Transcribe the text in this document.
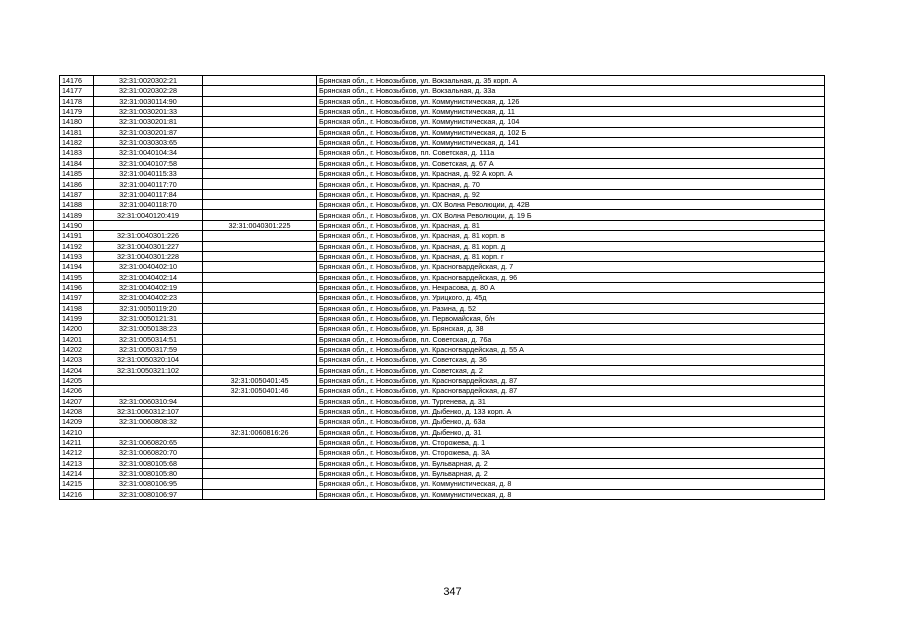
14176	32:31:0020302:21		Брянская обл., г. Новозыбков, ул. Вокзальная, д. 35 корп. А
14177	32:31:0020302:28		Брянская обл., г. Новозыбков, ул. Вокзальная, д. 33а
14178	32:31:0030114:90		Брянская обл., г. Новозыбков, ул. Коммунистическая, д. 126
14179	32:31:0030201:33		Брянская обл., г. Новозыбков, ул. Коммунистическая, д. 11
14180	32:31:0030201:81		Брянская обл., г. Новозыбков, ул. Коммунистическая, д. 104
14181	32:31:0030201:87		Брянская обл., г. Новозыбков, ул. Коммунистическая, д. 102 Б
14182	32:31:0030303:65		Брянская обл., г. Новозыбков, ул. Коммунистическая, д. 141
14183	32:31:0040104:34		Брянская обл., г. Новозыбков, пл. Советская, д. 111а
14184	32:31:0040107:58		Брянская обл., г. Новозыбков, ул. Советская, д. 67 А
14185	32:31:0040115:33		Брянская обл., г. Новозыбков, ул. Красная, д. 92 А корп. А
14186	32:31:0040117:70		Брянская обл., г. Новозыбков, ул. Красная, д. 70
14187	32:31:0040117:84		Брянская обл., г. Новозыбков, ул. Красная, д. 92
14188	32:31:0040118:70		Брянская обл., г. Новозыбков, ул. ОХ Волна Революции, д. 42В
14189	32:31:0040120:419		Брянская обл., г. Новозыбков, ул. ОХ Волна Революции, д. 19 Б
14190		32:31:0040301:225	Брянская обл., г. Новозыбков, ул. Красная, д. 81
14191	32:31:0040301:226		Брянская обл., г. Новозыбков, ул. Красная, д. 81 корп. в
14192	32:31:0040301:227		Брянская обл., г. Новозыбков, ул. Красная, д. 81 корп. д
14193	32:31:0040301:228		Брянская обл., г. Новозыбков, ул. Красная, д. 81 корп. г
14194	32:31:0040402:10		Брянская обл., г. Новозыбков, ул. Красногвардейская, д. 7
14195	32:31:0040402:14		Брянская обл., г. Новозыбков, ул. Красногвардейская, д. 96
14196	32:31:0040402:19		Брянская обл., г. Новозыбков, ул. Некрасова, д. 80 А
14197	32:31:0040402:23		Брянская обл., г. Новозыбков, ул. Урицкого, д. 45д
14198	32:31:0050119:20		Брянская обл., г. Новозыбков, ул. Разина, д. 52
14199	32:31:0050121:31		Брянская обл., г. Новозыбков, ул. Первомайская, б/н
14200	32:31:0050138:23		Брянская обл., г. Новозыбков, ул. Брянская, д. 38
14201	32:31:0050314:51		Брянская обл., г. Новозыбков, пл. Советская, д. 76а
14202	32:31:0050317:59		Брянская обл., г. Новозыбков, ул. Красногвардейская, д. 55 А
14203	32:31:0050320:104		Брянская обл., г. Новозыбков, ул. Советская, д. 36
14204	32:31:0050321:102		Брянская обл., г. Новозыбков, ул. Советская, д. 2
14205		32:31:0050401:45	Брянская обл., г. Новозыбков, ул. Красногвардейская, д. 87
14206		32:31:0050401:46	Брянская обл., г. Новозыбков, ул. Красногвардейская, д. 87
14207	32:31:0060310:94		Брянская обл., г. Новозыбков, ул. Тургенева, д. 31
14208	32:31:0060312:107		Брянская обл., г. Новозыбков, ул. Дыбенко, д. 133 корп. А
14209	32:31:0060808:32		Брянская обл., г. Новозыбков, ул. Дыбенко, д. 63а
14210		32:31:0060816:26	Брянская обл., г. Новозыбков, ул. Дыбенко, д. 31
14211	32:31:0060820:65		Брянская обл., г. Новозыбков, ул. Сторожева, д. 1
14212	32:31:0060820:70		Брянская обл., г. Новозыбков, ул. Сторожева, д. 3А
14213	32:31:0080105:68		Брянская обл., г. Новозыбков, ул. Бульварная, д. 2
14214	32:31:0080105:80		Брянская обл., г. Новозыбков, ул. Бульварная, д. 2
14215	32:31:0080106:95		Брянская обл., г. Новозыбков, ул. Коммунистическая, д. 8
14216	32:31:0080106:97		Брянская обл., г. Новозыбков, ул. Коммунистическая, д. 8
347
